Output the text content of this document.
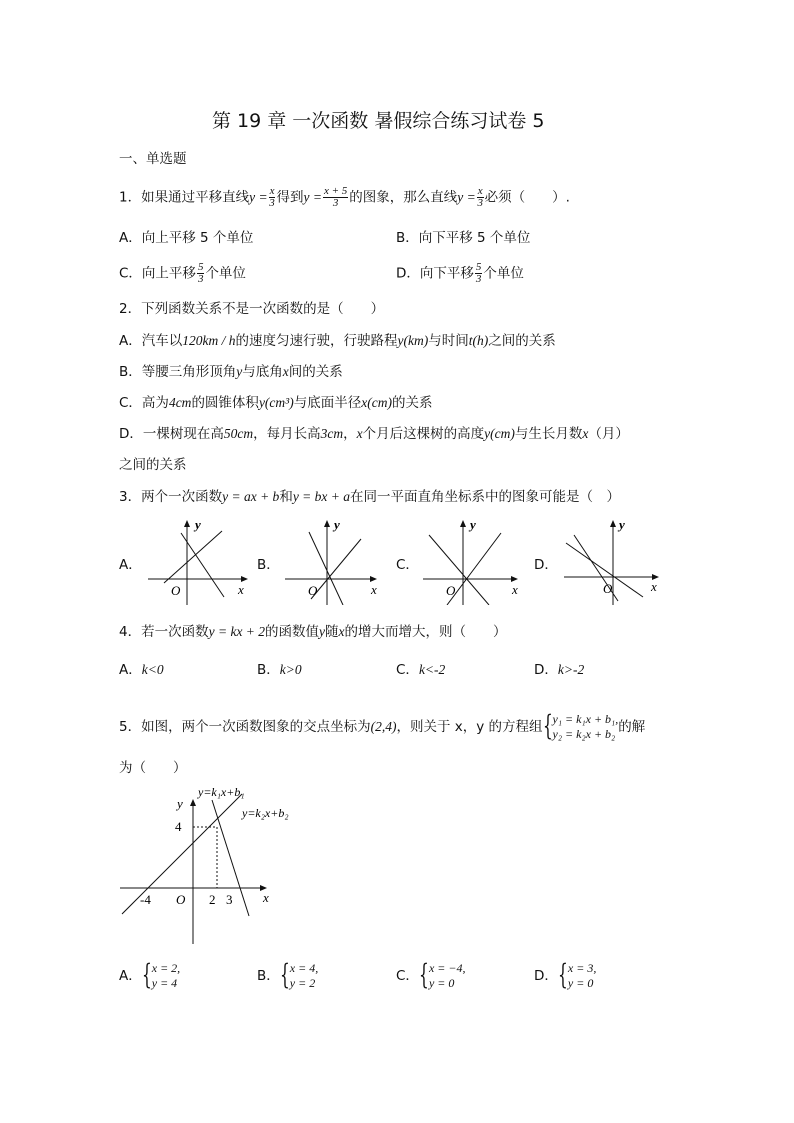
第 19 章 一次函数 暑假综合练习试卷 5
一、单选题
1．如果通过平移直线$y = \frac{x}{3}$ 得到$y = \frac{x + 5}{3}$ 的图象，那么直线$y = \frac{x}{3}$ 必须（　　）.
A．向上平移 5 个单位	B．向下平移 5 个单位
C．向上平移 $\frac{5}{3}$ 个单位	D．向下平移 $\frac{5}{3}$ 个单位
2．下列函数关系不是一次函数的是（　　）
A．汽车以120km / h的速度匀速行驶，行驶路程y(km)与时间t(h)之间的关系
B．等腰三角形顶角y与底角x间的关系
C．高为4cm的圆锥体积y(cm³)与底面半径x(cm)的关系
D．一棵树现在高50cm，每月长高3cm，x个月后这棵树的高度y(cm)与生长月数x（月）
之间的关系
3．两个一次函数y = ax + b和y = bx + a在同一平面直角坐标系中的图象可能是（　）
A．	B．	C．	D．
y
x
O
y
x
O
y
x
O
y
x
O
4．若一次函数y = kx + 2的函数值y随x的增大而增大，则（　　）
A．k<0	B．k>0	C．k<-2	D．k>-2
5．如图，两个一次函数图象的交点坐标为(2,4)，则关于 x，y 的方程组 { y₁ = k₁x + b₁,
y₂ = k₂x + b₂ 的解
为（　　）
y=k₁x+b₁
y=k₂x+b₂
y
x
O
4
-4	2 3
A． { x = 2,
y = 4	B． { x = 4,
y = 2	C． { x = −4,
y = 0	D． { x = 3,
y = 0
